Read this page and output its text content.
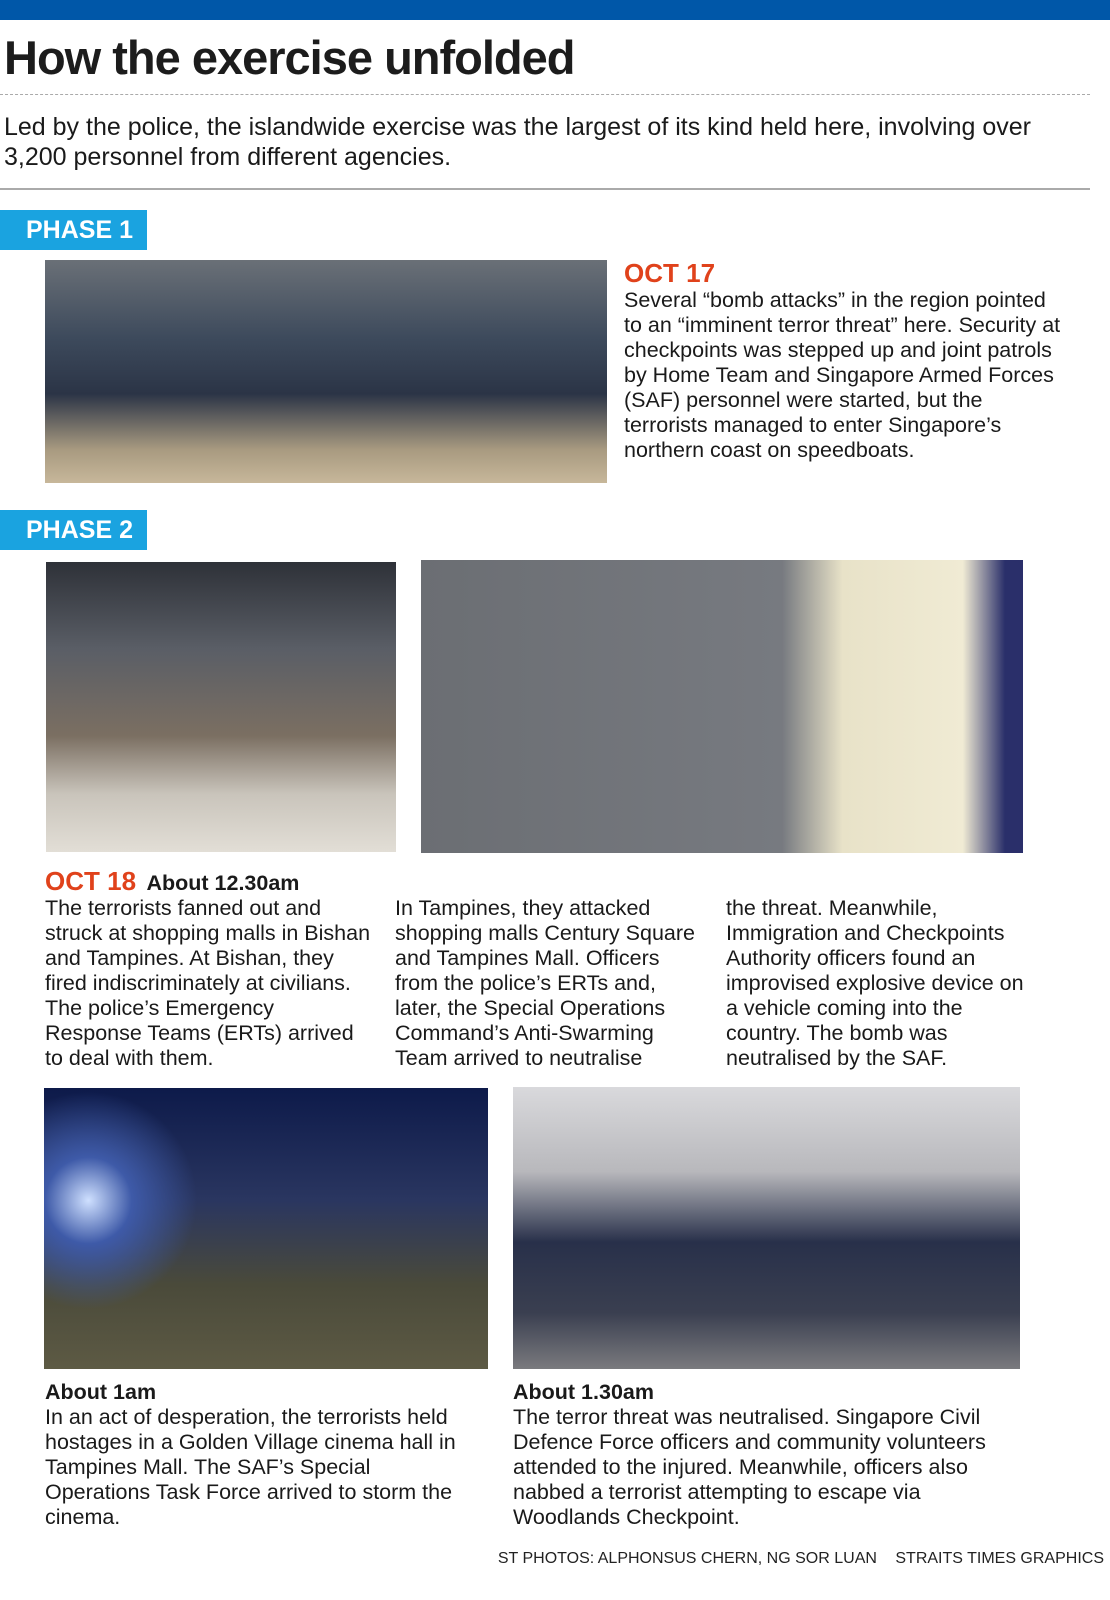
How the exercise unfolded
Led by the police, the islandwide exercise was the largest of its kind held here, involving over 3,200 personnel from different agencies.
PHASE 1
OCT 17
Several “bomb attacks” in the region pointed to an “imminent terror threat” here. Security at checkpoints was stepped up and joint patrols by Home Team and Singapore Armed Forces (SAF) personnel were started, but the terrorists managed to enter Singapore’s northern coast on speedboats.
PHASE 2
OCT 18 About 12.30am
The terrorists fanned out and struck at shopping malls in Bishan and Tampines. At Bishan, they fired indiscriminately at civilians. The police’s Emergency Response Teams (ERTs) arrived to deal with them.
In Tampines, they attacked shopping malls Century Square and Tampines Mall. Officers from the police’s ERTs and, later, the Special Operations Command’s Anti-Swarming Team arrived to neutralise
the threat. Meanwhile, Immigration and Checkpoints Authority officers found an improvised explosive device on a vehicle coming into the country. The bomb was neutralised by the SAF.
About 1am
In an act of desperation, the terrorists held hostages in a Golden Village cinema hall in Tampines Mall. The SAF’s Special Operations Task Force arrived to storm the cinema.
About 1.30am
The terror threat was neutralised. Singapore Civil Defence Force officers and community volunteers attended to the injured. Meanwhile, officers also nabbed a terrorist attempting to escape via Woodlands Checkpoint.
ST PHOTOS: ALPHONSUS CHERN, NG SOR LUAN STRAITS TIMES GRAPHICS
